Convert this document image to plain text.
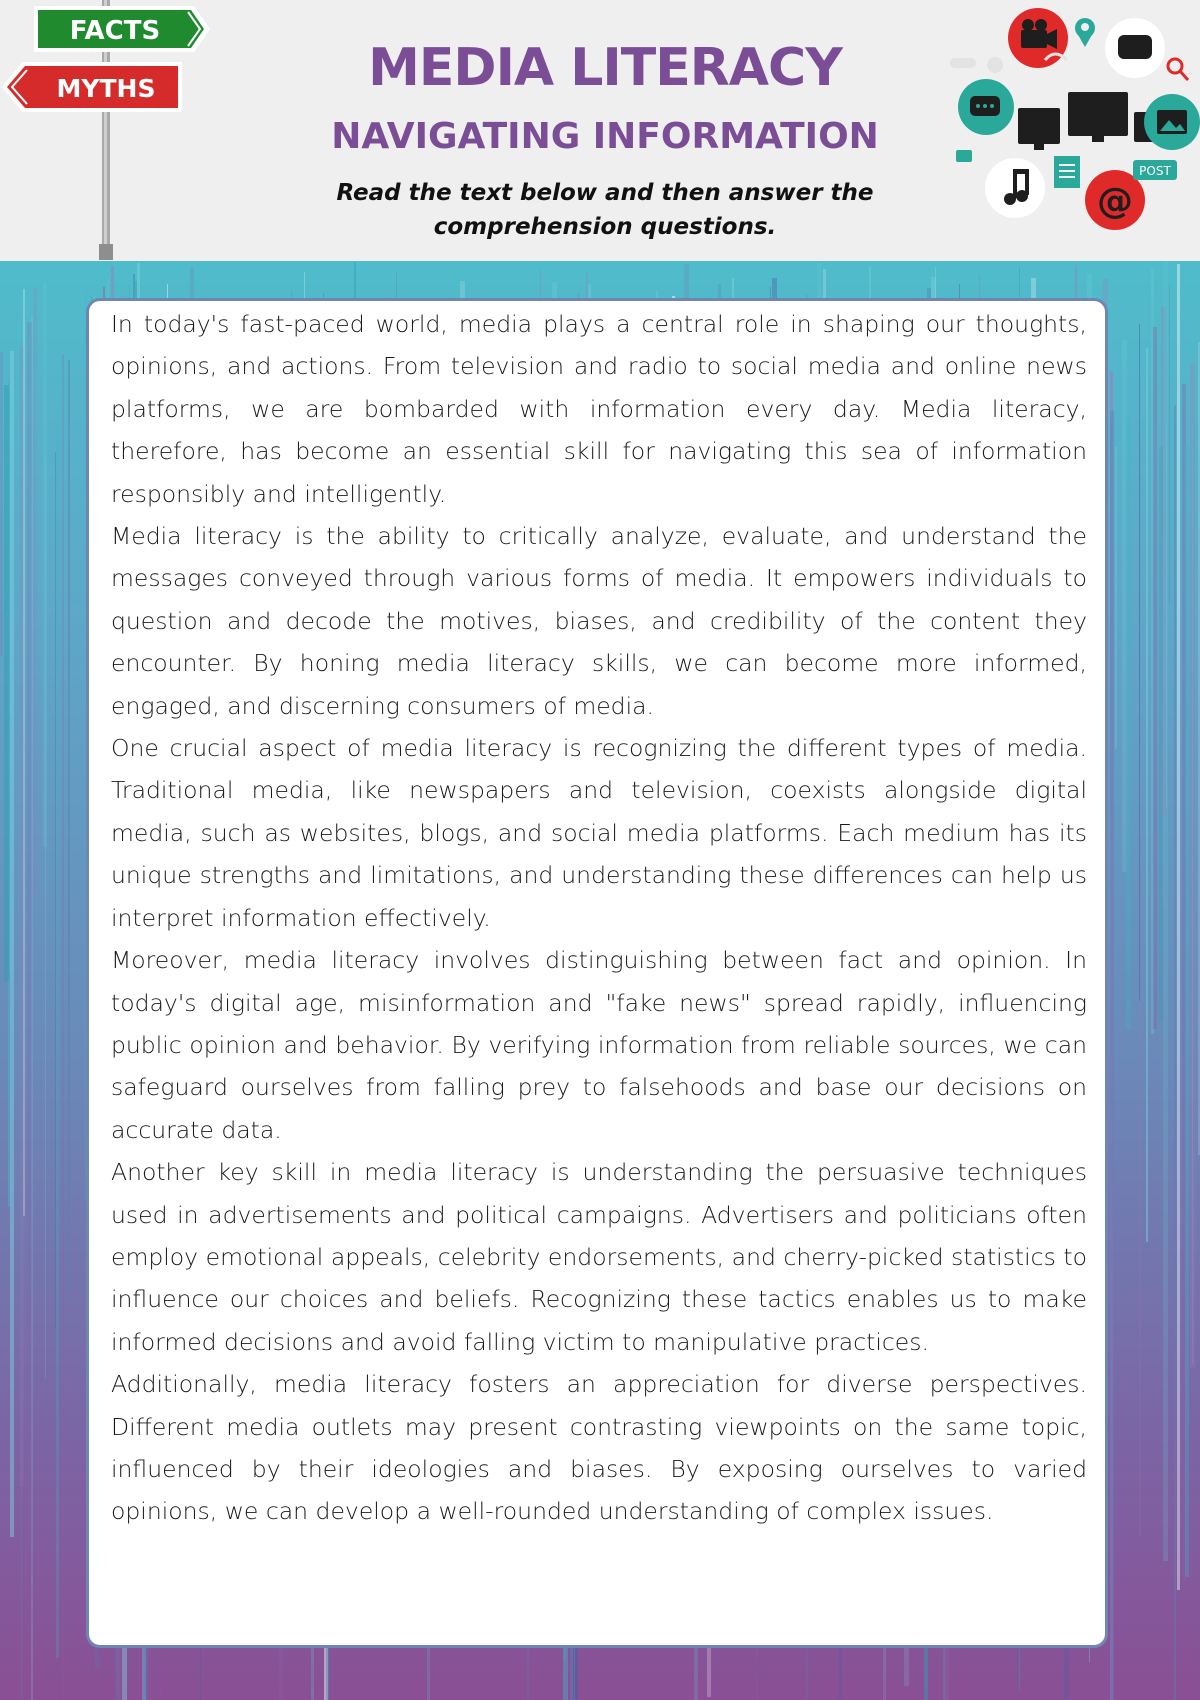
FACTS
MYTHS	MEDIA LITERACY
NAVIGATING INFORMATION

Read the text below and then answer the comprehension questions.

@
POST

In today's fast-paced world, media plays a central role in shaping our thoughts, opinions, and actions. From television and radio to social media and online news platforms, we are bombarded with information every day. Media literacy, therefore, has become an essential skill for navigating this sea of information responsibly and intelligently.

Media literacy is the ability to critically analyze, evaluate, and understand the messages conveyed through various forms of media. It empowers individuals to question and decode the motives, biases, and credibility of the content they encounter. By honing media literacy skills, we can become more informed, engaged, and discerning consumers of media.

One crucial aspect of media literacy is recognizing the different types of media. Traditional media, like newspapers and television, coexists alongside digital media, such as websites, blogs, and social media platforms. Each medium has its unique strengths and limitations, and understanding these differences can help us interpret information effectively.

Moreover, media literacy involves distinguishing between fact and opinion. In today's digital age, misinformation and "fake news" spread rapidly, influencing public opinion and behavior. By verifying information from reliable sources, we can safeguard ourselves from falling prey to falsehoods and base our decisions on accurate data.

Another key skill in media literacy is understanding the persuasive techniques used in advertisements and political campaigns. Advertisers and politicians often employ emotional appeals, celebrity endorsements, and cherry-picked statistics to influence our choices and beliefs. Recognizing these tactics enables us to make informed decisions and avoid falling victim to manipulative practices.

Additionally, media literacy fosters an appreciation for diverse perspectives. Different media outlets may present contrasting viewpoints on the same topic, influenced by their ideologies and biases. By exposing ourselves to varied opinions, we can develop a well-rounded understanding of complex issues.
